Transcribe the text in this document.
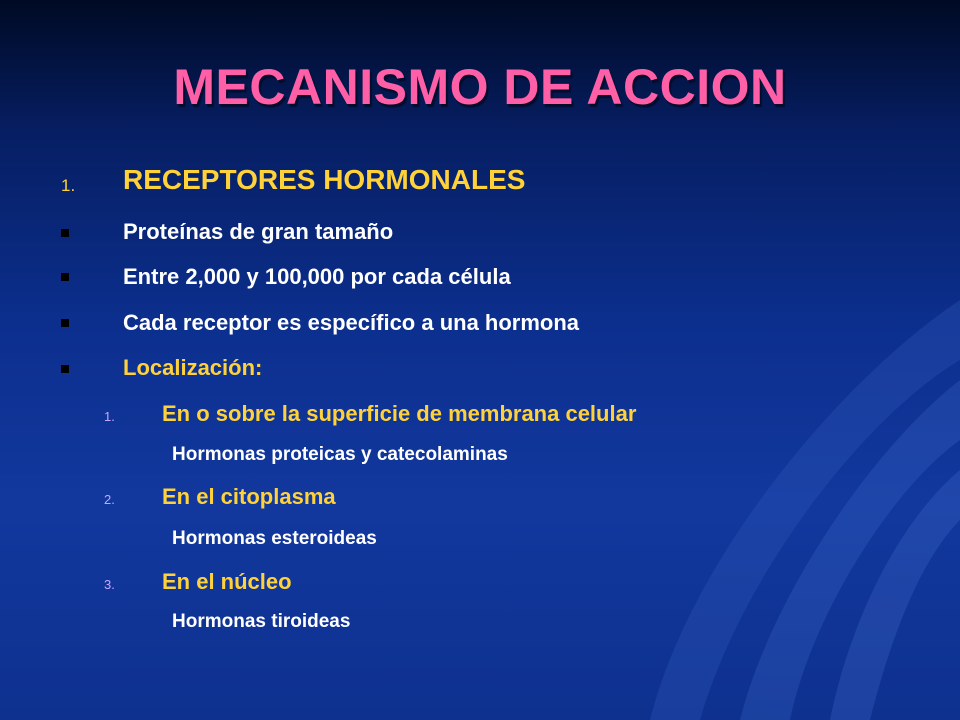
MECANISMO DE ACCION
1. RECEPTORES HORMONALES
Proteínas de gran tamaño
Entre 2,000 y 100,000 por cada célula
Cada receptor es específico a una hormona
Localización:
1. En o sobre la superficie de membrana celular
Hormonas proteicas y catecolaminas
2. En el citoplasma
Hormonas esteroideas
3. En el núcleo
Hormonas tiroideas
